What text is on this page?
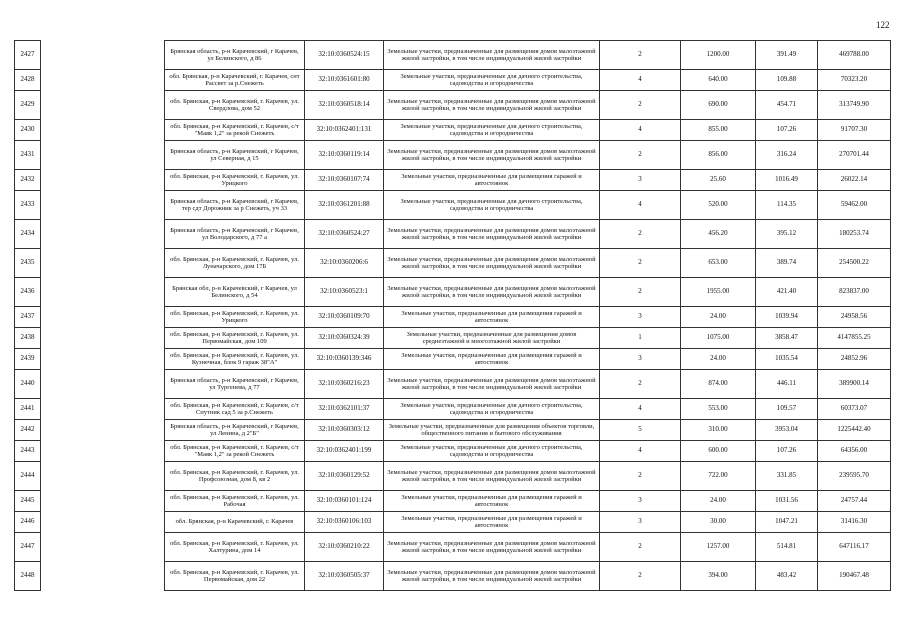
122
2427		Брянская область, р-н Карачевский, г Карачев, ул Белинского, д 86	32:10:0360524:15	Земельные участки, предназначенные для размещения домов малоэтажной жилой застройки, в том числе индивидуальной жилой застройки	2	1200.00	391.49	469788.00
2428		обл. Брянская, р-н Карачевский, г. Карачев, снт Рассвет за р.Снежеть	32:10:0361601:80	Земельные участки, предназначенные для дачного строительства, садоводства и огородничества	4	640.00	109.88	70323.20
2429		обл. Брянская, р-н Карачевский, г. Карачев, ул. Свердлова, дом 52	32:10:0360518:14	Земельные участки, предназначенные для размещения домов малоэтажной жилой застройки, в том числе индивидуальной жилой застройки	2	690.00	454.71	313749.90
2430		обл. Брянская, р-н Карачевский, г. Карачев, с/т "Маяк 1,2" за рекой Снежеть	32:10:0362401:131	Земельные участки, предназначенные для дачного строительства, садоводства и огородничества	4	855.00	107.26	91707.30
2431		Брянская область, р-н Карачевский, г Карачев, ул Северная, д 15	32:10:0360119:14	Земельные участки, предназначенные для размещения домов малоэтажной жилой застройки, в том числе индивидуальной жилой застройки	2	856.00	316.24	270701.44
2432		обл. Брянская, р-н Карачевский, г. Карачев, ул. Урицкого	32:10:0360107:74	Земельные участки, предназначенные для размещения гаражей и автостоянок	3	25.60	1016.49	26022.14
2433		Брянская область, р-н Карачевский, г Карачев, тер сдт Дорожник за р Снежеть, уч 33	32:10:0361201:88	Земельные участки, предназначенные для дачного строительства, садоводства и огородничества	4	520.00	114.35	59462.00
2434		Брянская область, р-н Карачевский, г Карачев, ул Володарского, д 77 а	32:10:0360524:27	Земельные участки, предназначенные для размещения домов малоэтажной жилой застройки, в том числе индивидуальной жилой застройки	2	456.20	395.12	180253.74
2435		обл. Брянская, р-н Карачевский, г. Карачев, ул. Луначарского, дом 17Б	32:10:0360206:6	Земельные участки, предназначенные для размещения домов малоэтажной жилой застройки, в том числе индивидуальной жилой застройки	2	653.00	389.74	254500.22
2436		Брянская обл, р-н Карачевский, г Карачев, ул Белинского, д 54	32:10:0360523:1	Земельные участки, предназначенные для размещения домов малоэтажной жилой застройки, в том числе индивидуальной жилой застройки	2	1955.00	421.40	823837.00
2437		обл. Брянская, р-н Карачевский, г. Карачев, ул. Урицкого	32:10:0360109:70	Земельные участки, предназначенные для размещения гаражей и автостоянок	3	24.00	1039.94	24958.56
2438		обл. Брянская, р-н Карачевский, г. Карачев, ул. Первомайская, дом 109	32:10:0360324:39	Земельные участки, предназначенные для размещения домов среднеэтажной и многоэтажной жилой застройки	1	1075.00	3858.47	4147855.25
2439		обл. Брянская, р-н Карачевский, г. Карачев, ул. Кузнечная, блок 9 гараж 38"А"	32:10:0360139:346	Земельные участки, предназначенные для размещения гаражей и автостоянок	3	24.00	1035.54	24852.96
2440		Брянская область, р-н Карачевский, г Карачев, ул Тургенева, д 77	32:10:0360216:23	Земельные участки, предназначенные для размещения домов малоэтажной жилой застройки, в том числе индивидуальной жилой застройки	2	874.00	446.11	389900.14
2441		обл. Брянская, р-н Карачевский, г. Карачев, с/т Спутник сад 5 за р.Снежеть	32:10:0362101:37	Земельные участки, предназначенные для дачного строительства, садоводства и огородничества	4	553.00	109.57	60373.07
2442		Брянская область, р-н Карачевский, г Карачев, ул Ленина, д 2"Б"	32:10:0360303:12	Земельные участки, предназначенные для размещения объектов торговли, общественного питания и бытового обслуживания	5	310.00	3953.04	1225442.40
2443		обл. Брянская, р-н Карачевский, г. Карачев, с/т "Маяк 1,2" за рекой Снежеть	32:10:0362401:199	Земельные участки, предназначенные для дачного строительства, садоводства и огородничества	4	600.00	107.26	64356.00
2444		обл. Брянская, р-н Карачевский, г. Карачев, ул. Профсоюзная, дом 8, кв 2	32:10:0360129:52	Земельные участки, предназначенные для размещения домов малоэтажной жилой застройки, в том числе индивидуальной жилой застройки	2	722.00	331.85	239595.70
2445		обл. Брянская, р-н Карачевский, г. Карачев, ул. Рабочая	32:10:0360101:124	Земельные участки, предназначенные для размещения гаражей и автостоянок	3	24.00	1031.56	24757.44
2446		обл. Брянская, р-н Карачевский, г. Карачев	32:10:0360106:103	Земельные участки, предназначенные для размещения гаражей и автостоянок	3	30.00	1047.21	31416.30
2447		обл. Брянская, р-н Карачевский, г. Карачев, ул. Халтурина, дом 14	32:10:0360210:22	Земельные участки, предназначенные для размещения домов малоэтажной жилой застройки, в том числе индивидуальной жилой застройки	2	1257.00	514.81	647116.17
2448		обл. Брянская, р-н Карачевский, г. Карачев, ул. Первомайская, дом 22	32:10:0360505:37	Земельные участки, предназначенные для размещения домов малоэтажной жилой застройки, в том числе индивидуальной жилой застройки	2	394.00	483.42	190467.48
